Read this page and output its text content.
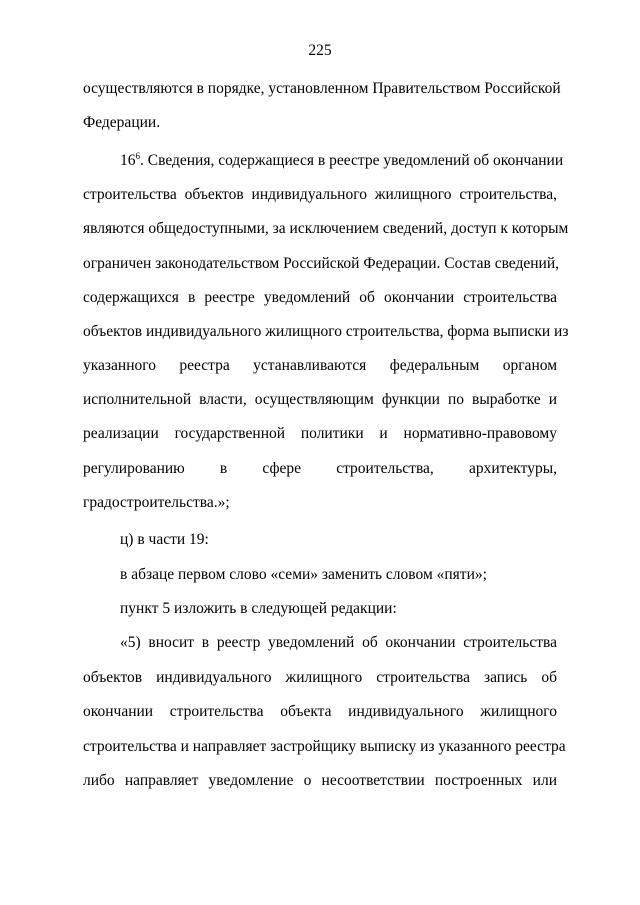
225
осуществляются в порядке, установленном Правительством Российской
Федерации.
$16^6$. Сведения, содержащиеся в реестре уведомлений об окончании
строительства объектов индивидуального жилищного строительства,
являются общедоступными, за исключением сведений, доступ к которым
ограничен законодательством Российской Федерации. Состав сведений,
содержащихся в реестре уведомлений об окончании строительства
объектов индивидуального жилищного строительства, форма выписки из
указанного реестра устанавливаются федеральным органом
исполнительной власти, осуществляющим функции по выработке и
реализации государственной политики и нормативно-правовому
регулированию в сфере строительства, архитектуры,
градостроительства.»;
ц) в части 19:
в абзаце первом слово «семи» заменить словом «пяти»;
пункт 5 изложить в следующей редакции:
«5) вносит в реестр уведомлений об окончании строительства
объектов индивидуального жилищного строительства запись об
окончании строительства объекта индивидуального жилищного
строительства и направляет застройщику выписку из указанного реестра
либо направляет уведомление о несоответствии построенных или
